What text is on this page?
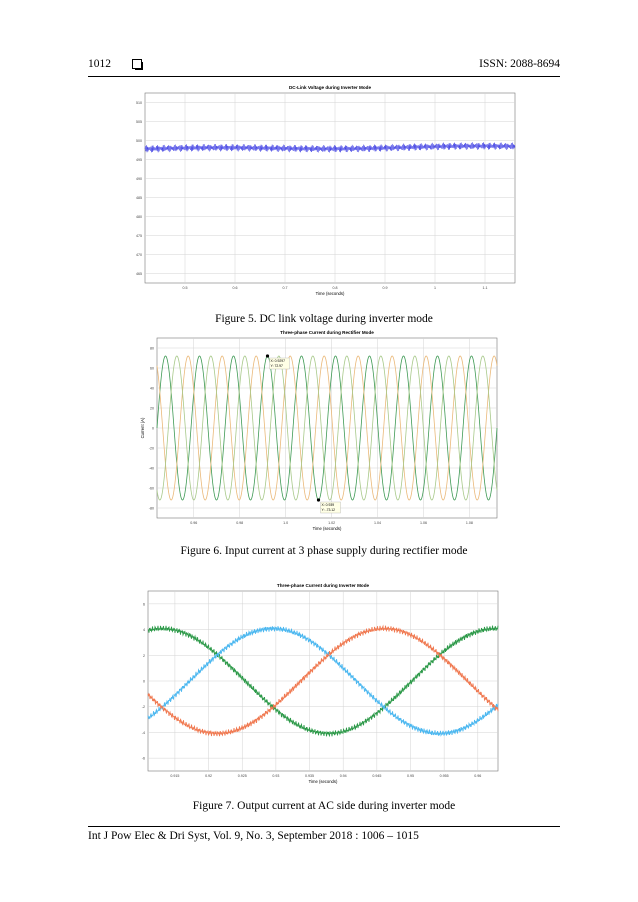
1012	ISSN: 2088-8694
DC-Link Voltage during Inverter Mode
510
505
500
495
490
485
480
475
470
465
0.5	0.6	0.7	0.8	0.9	1	1.1
Time (seconds)
Figure 5. DC link voltage during inverter mode
Three-phase Current during Rectifier Mode
80
60
40
20
0
-20
-40
-60
-80
0.96	0.98	1.0	1.02	1.04	1.06	1.08
Time (seconds)
Current (A)
X: 0.9297
Y: 72.97
X: 0.939
Y: -73.12
Figure 6. Input current at 3 phase supply during rectifier mode
Three-phase Current during Inverter Mode
6
4
2
0
-2
-4
-6
0.915	0.92	0.925	0.93	0.935	0.94	0.945	0.95	0.955	0.96
Time (seconds)
Figure 7. Output current at AC side during inverter mode
Int J Pow Elec & Dri Syst, Vol. 9, No. 3, September 2018 : 1006 – 1015
